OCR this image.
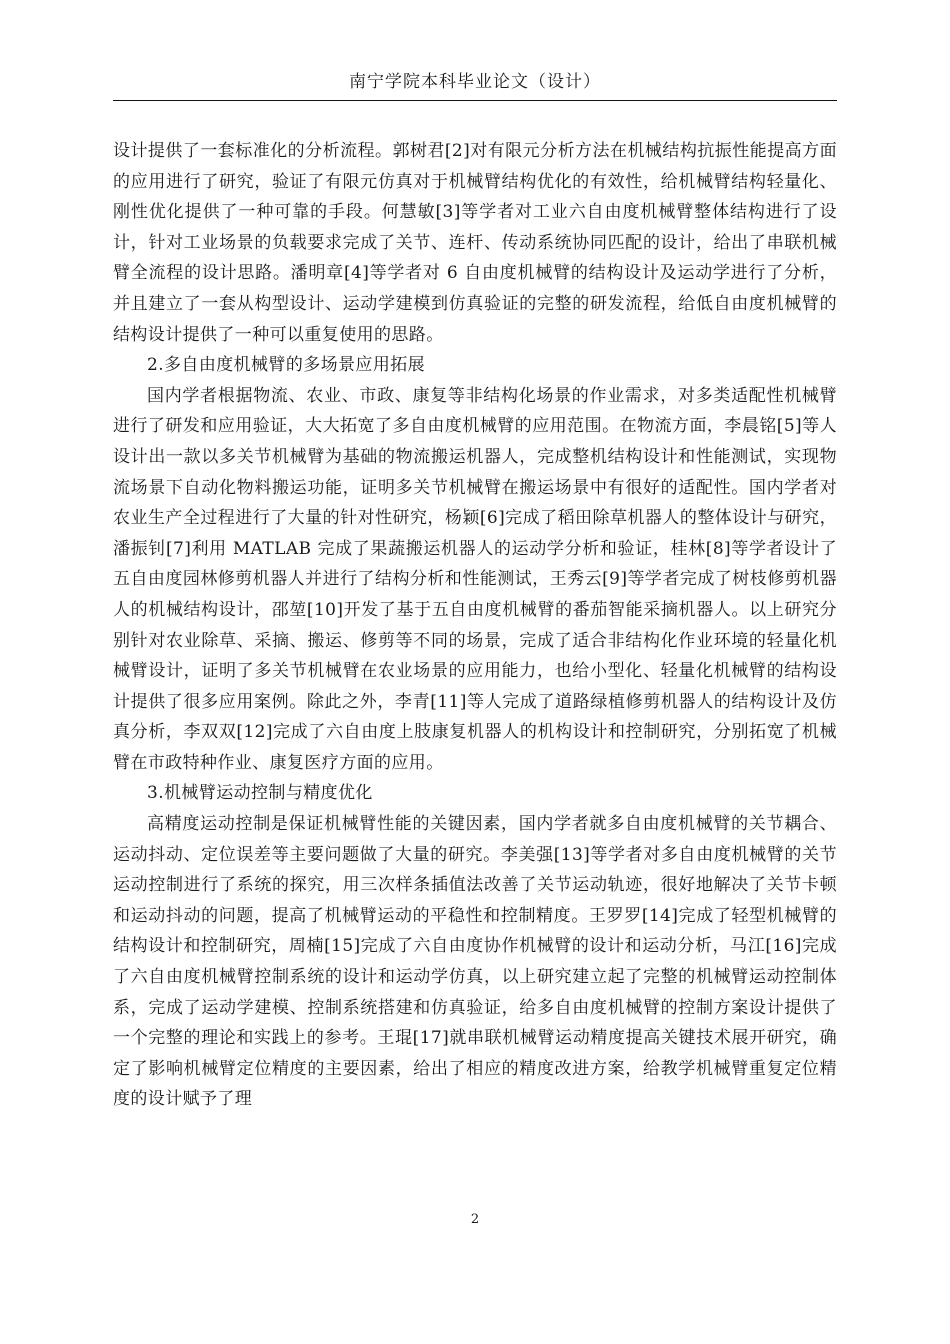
南宁学院本科毕业论文（设计）

设计提供了一套标准化的分析流程。郭树君[2]对有限元分析方法在机械结构抗振性能提高方面的应用进行了研究，验证了有限元仿真对于机械臂结构优化的有效性，给机械臂结构轻量化、刚性优化提供了一种可靠的手段。何慧敏[3]等学者对工业六自由度机械臂整体结构进行了设计，针对工业场景的负载要求完成了关节、连杆、传动系统协同匹配的设计，给出了串联机械臂全流程的设计思路。潘明章[4]等学者对 6 自由度机械臂的结构设计及运动学进行了分析，并且建立了一套从构型设计、运动学建模到仿真验证的完整的研发流程，给低自由度机械臂的结构设计提供了一种可以重复使用的思路。

2.多自由度机械臂的多场景应用拓展

国内学者根据物流、农业、市政、康复等非结构化场景的作业需求，对多类适配性机械臂进行了研发和应用验证，大大拓宽了多自由度机械臂的应用范围。在物流方面，李晨铭[5]等人设计出一款以多关节机械臂为基础的物流搬运机器人，完成整机结构设计和性能测试，实现物流场景下自动化物料搬运功能，证明多关节机械臂在搬运场景中有很好的适配性。国内学者对农业生产全过程进行了大量的针对性研究，杨颖[6]完成了稻田除草机器人的整体设计与研究，潘振钊[7]利用 MATLAB 完成了果蔬搬运机器人的运动学分析和验证，桂林[8]等学者设计了五自由度园林修剪机器人并进行了结构分析和性能测试，王秀云[9]等学者完成了树枝修剪机器人的机械结构设计，邵堃[10]开发了基于五自由度机械臂的番茄智能采摘机器人。以上研究分别针对农业除草、采摘、搬运、修剪等不同的场景，完成了适合非结构化作业环境的轻量化机械臂设计，证明了多关节机械臂在农业场景的应用能力，也给小型化、轻量化机械臂的结构设计提供了很多应用案例。除此之外，李青[11]等人完成了道路绿植修剪机器人的结构设计及仿真分析，李双双[12]完成了六自由度上肢康复机器人的机构设计和控制研究，分别拓宽了机械臂在市政特种作业、康复医疗方面的应用。

3.机械臂运动控制与精度优化

高精度运动控制是保证机械臂性能的关键因素，国内学者就多自由度机械臂的关节耦合、运动抖动、定位误差等主要问题做了大量的研究。李美强[13]等学者对多自由度机械臂的关节运动控制进行了系统的探究，用三次样条插值法改善了关节运动轨迹，很好地解决了关节卡顿和运动抖动的问题，提高了机械臂运动的平稳性和控制精度。王罗罗[14]完成了轻型机械臂的结构设计和控制研究，周楠[15]完成了六自由度协作机械臂的设计和运动分析，马江[16]完成了六自由度机械臂控制系统的设计和运动学仿真，以上研究建立起了完整的机械臂运动控制体系，完成了运动学建模、控制系统搭建和仿真验证，给多自由度机械臂的控制方案设计提供了一个完整的理论和实践上的参考。王琨[17]就串联机械臂运动精度提高关键技术展开研究，确定了影响机械臂定位精度的主要因素，给出了相应的精度改进方案，给教学机械臂重复定位精度的设计赋予了理

2
